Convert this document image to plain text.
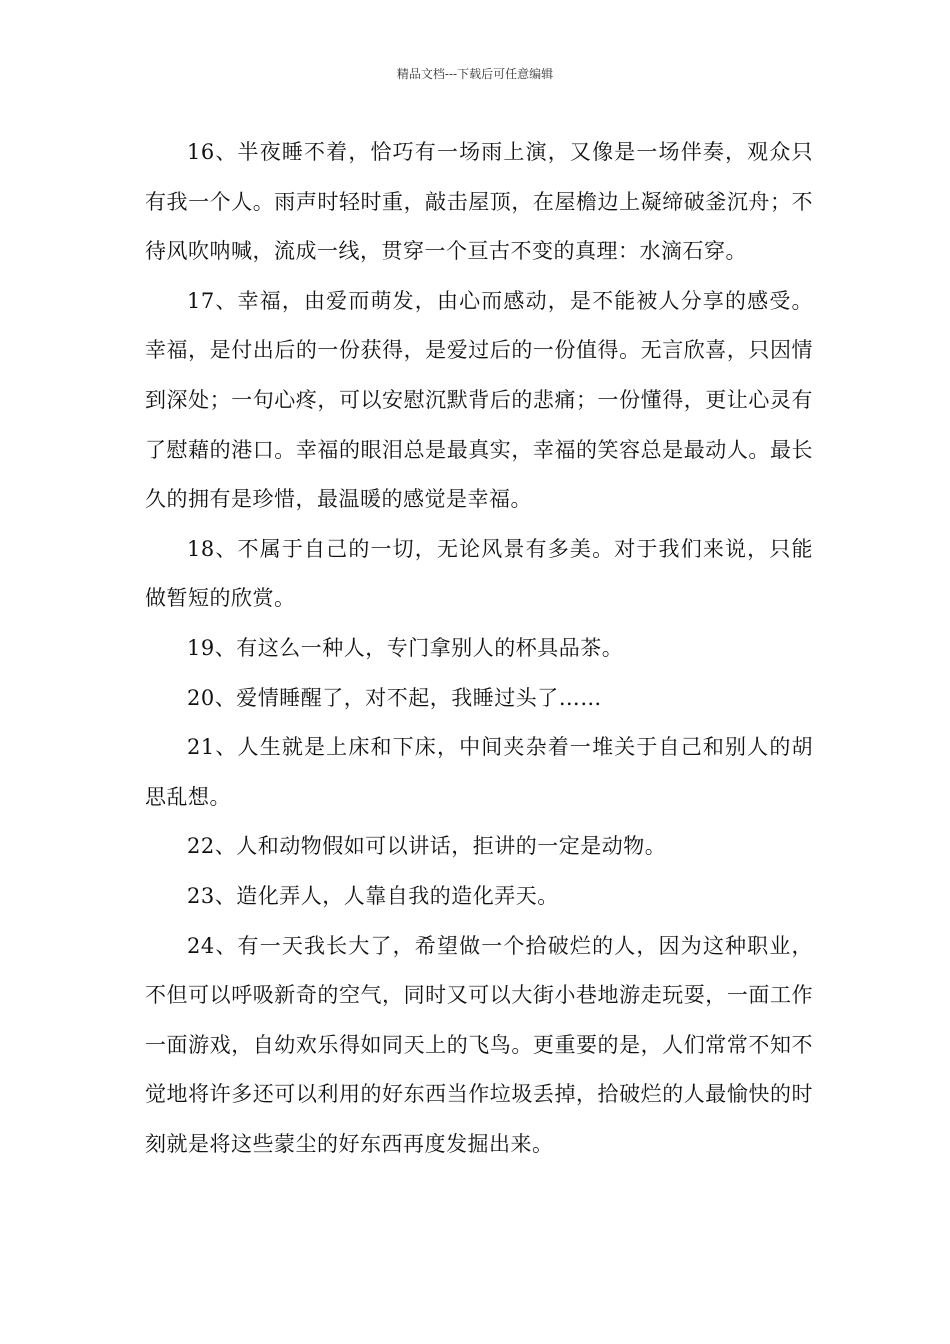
精品文档---下载后可任意编辑

16、半夜睡不着，恰巧有一场雨上演，又像是一场伴奏，观众只有我一个人。雨声时轻时重，敲击屋顶，在屋檐边上凝缔破釜沉舟；不待风吹呐喊，流成一线，贯穿一个亘古不变的真理：水滴石穿。

17、幸福，由爱而萌发，由心而感动，是不能被人分享的感受。幸福，是付出后的一份获得，是爱过后的一份值得。无言欣喜，只因情到深处；一句心疼，可以安慰沉默背后的悲痛；一份懂得，更让心灵有了慰藉的港口。幸福的眼泪总是最真实，幸福的笑容总是最动人。最长久的拥有是珍惜，最温暖的感觉是幸福。

18、不属于自己的一切，无论风景有多美。对于我们来说，只能做暂短的欣赏。

19、有这么一种人，专门拿别人的杯具品茶。

20、爱情睡醒了，对不起，我睡过头了……

21、人生就是上床和下床，中间夹杂着一堆关于自己和别人的胡思乱想。

22、人和动物假如可以讲话，拒讲的一定是动物。

23、造化弄人，人靠自我的造化弄天。

24、有一天我长大了，希望做一个拾破烂的人，因为这种职业，不但可以呼吸新奇的空气，同时又可以大街小巷地游走玩耍，一面工作一面游戏，自幼欢乐得如同天上的飞鸟。更重要的是，人们常常不知不觉地将许多还可以利用的好东西当作垃圾丢掉，拾破烂的人最愉快的时刻就是将这些蒙尘的好东西再度发掘出来。
